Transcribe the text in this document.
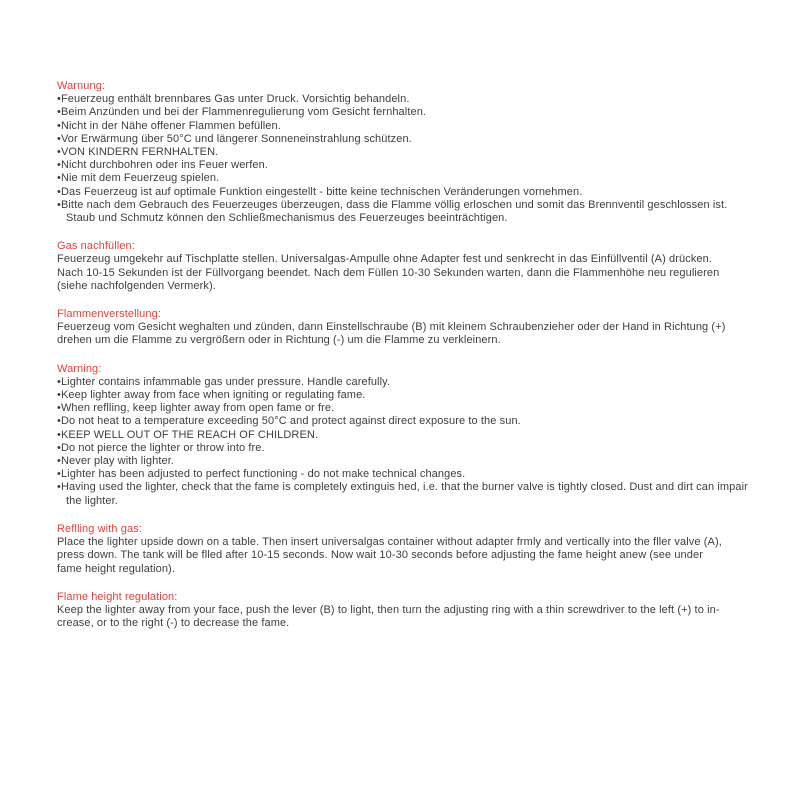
Warnung:
• Feuerzeug enthält brennbares Gas unter Druck. Vorsichtig behandeln.
• Beim Anzünden und bei der Flammenregulierung vom Gesicht fernhalten.
• Nicht in der Nähe offener Flammen befüllen.
• Vor Erwärmung über 50°C und längerer Sonneneinstrahlung schützen.
• VON KINDERN FERNHALTEN.
• Nicht durchbohren oder ins Feuer werfen.
• Nie mit dem Feuerzeug spielen.
• Das Feuerzeug ist auf optimale Funktion eingestellt - bitte keine technischen Veränderungen vornehmen.
• Bitte nach dem Gebrauch des Feuerzeuges überzeugen, dass die Flamme völlig erloschen und somit das Brennventil geschlossen ist. Staub und Schmutz können den Schließmechanismus des Feuerzeuges beeinträchtigen.
Gas nachfüllen:

Feuerzeug umgekehr auf Tischplatte stellen. Universalgas-Ampulle ohne Adapter fest und senkrecht in das Einfüllventil (A) drücken.
Nach 10-15 Sekunden ist der Füllvorgang beendet. Nach dem Füllen 10-30 Sekunden warten, dann die Flammenhöhe neu regulieren
(siehe nachfolgenden Vermerk).

Flammenverstellung:

Feuerzeug vom Gesicht weghalten und zünden, dann Einstellschraube (B) mit kleinem Schraubenzieher oder der Hand in Richtung (+)
drehen um die Flamme zu vergrößern oder in Richtung (-) um die Flamme zu verkleinern.

Warning:
• Lighter contains infammable gas under pressure. Handle carefully.
• Keep lighter away from face when igniting or regulating fame.
• When reflling, keep lighter away from open fame or fre.
• Do not heat to a temperature exceeding 50°C and protect against direct exposure to the sun.
• KEEP WELL OUT OF THE REACH OF CHILDREN.
• Do not pierce the lighter or throw into fre.
• Never play with lighter.
• Lighter has been adjusted to perfect functioning - do not make technical changes.
• Having used the lighter, check that the fame is completely extinguis hed, i.e. that the burner valve is tightly closed. Dust and dirt can impair the lighter.
Reflling with gas:

Place the lighter upside down on a table. Then insert universalgas container without adapter frmly and vertically into the fller valve (A),
press down. The tank will be flled after 10-15 seconds. Now wait 10-30 seconds before adjusting the fame height anew (see under
fame height regulation).

Flame height regulation:

Keep the lighter away from your face, push the lever (B) to light, then turn the adjusting ring with a thin screwdriver to the left (+) to in-
crease, or to the right (-) to decrease the fame.
